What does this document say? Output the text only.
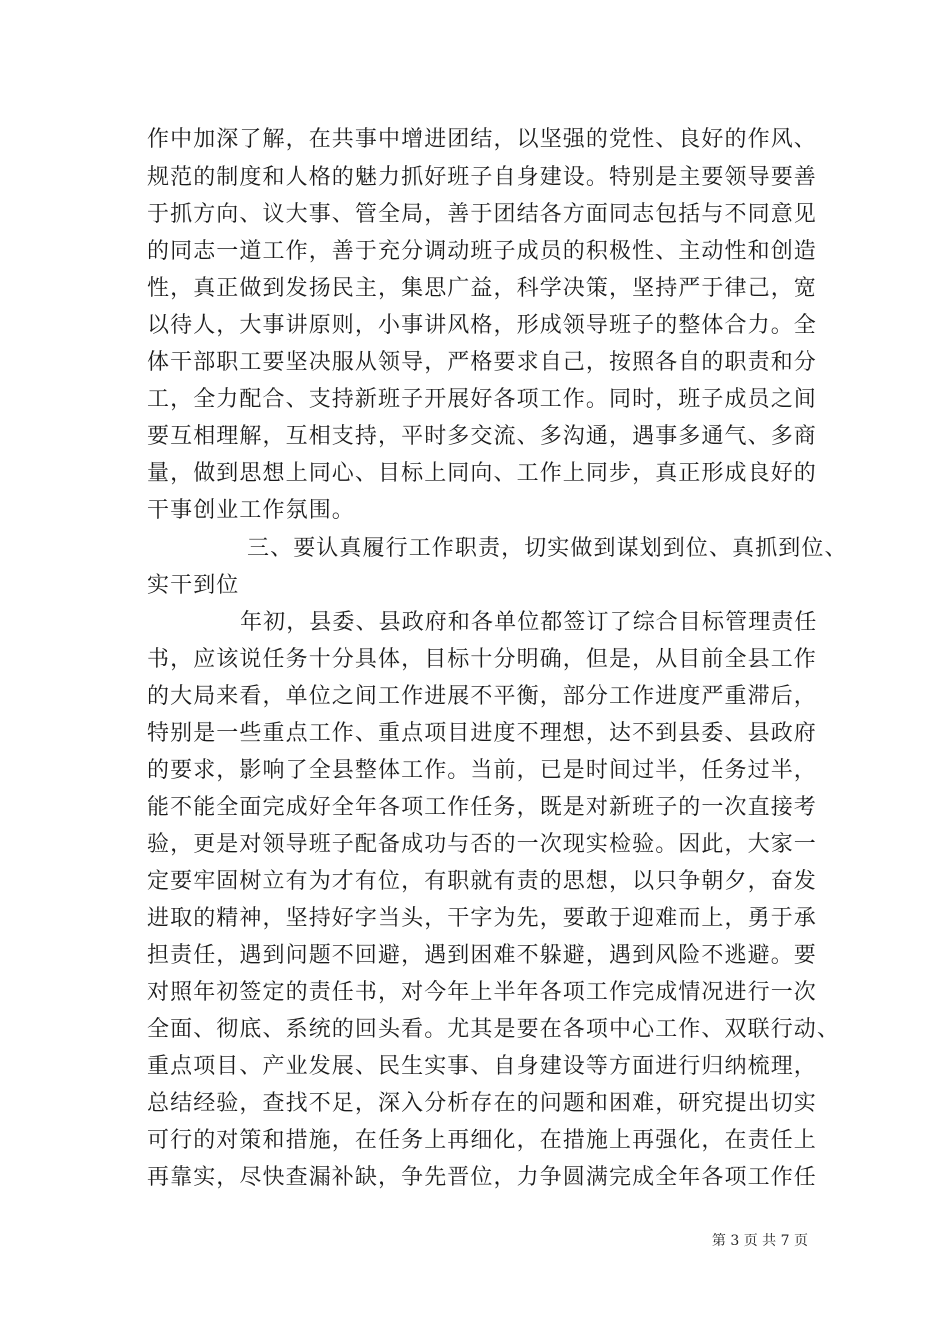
作中加深了解，在共事中增进团结，以坚强的党性、良好的作风、
规范的制度和人格的魅力抓好班子自身建设。特别是主要领导要善
于抓方向、议大事、管全局，善于团结各方面同志包括与不同意见
的同志一道工作，善于充分调动班子成员的积极性、主动性和创造
性，真正做到发扬民主，集思广益，科学决策，坚持严于律己，宽
以待人，大事讲原则，小事讲风格，形成领导班子的整体合力。全
体干部职工要坚决服从领导，严格要求自己，按照各自的职责和分
工，全力配合、支持新班子开展好各项工作。同时，班子成员之间
要互相理解，互相支持，平时多交流、多沟通，遇事多通气、多商
量，做到思想上同心、目标上同向、工作上同步，真正形成良好的
干事创业工作氛围。
三、要认真履行工作职责，切实做到谋划到位、真抓到位、
实干到位
年初，县委、县政府和各单位都签订了综合目标管理责任
书，应该说任务十分具体，目标十分明确，但是，从目前全县工作
的大局来看，单位之间工作进展不平衡，部分工作进度严重滞后，
特别是一些重点工作、重点项目进度不理想，达不到县委、县政府
的要求，影响了全县整体工作。当前，已是时间过半，任务过半，
能不能全面完成好全年各项工作任务，既是对新班子的一次直接考
验，更是对领导班子配备成功与否的一次现实检验。因此，大家一
定要牢固树立有为才有位，有职就有责的思想，以只争朝夕，奋发
进取的精神，坚持好字当头，干字为先，要敢于迎难而上，勇于承
担责任，遇到问题不回避，遇到困难不躲避，遇到风险不逃避。要
对照年初签定的责任书，对今年上半年各项工作完成情况进行一次
全面、彻底、系统的回头看。尤其是要在各项中心工作、双联行动、
重点项目、产业发展、民生实事、自身建设等方面进行归纳梳理，
总结经验，查找不足，深入分析存在的问题和困难，研究提出切实
可行的对策和措施，在任务上再细化，在措施上再强化，在责任上
再靠实，尽快查漏补缺，争先晋位，力争圆满完成全年各项工作任
第 3 页 共 7 页
